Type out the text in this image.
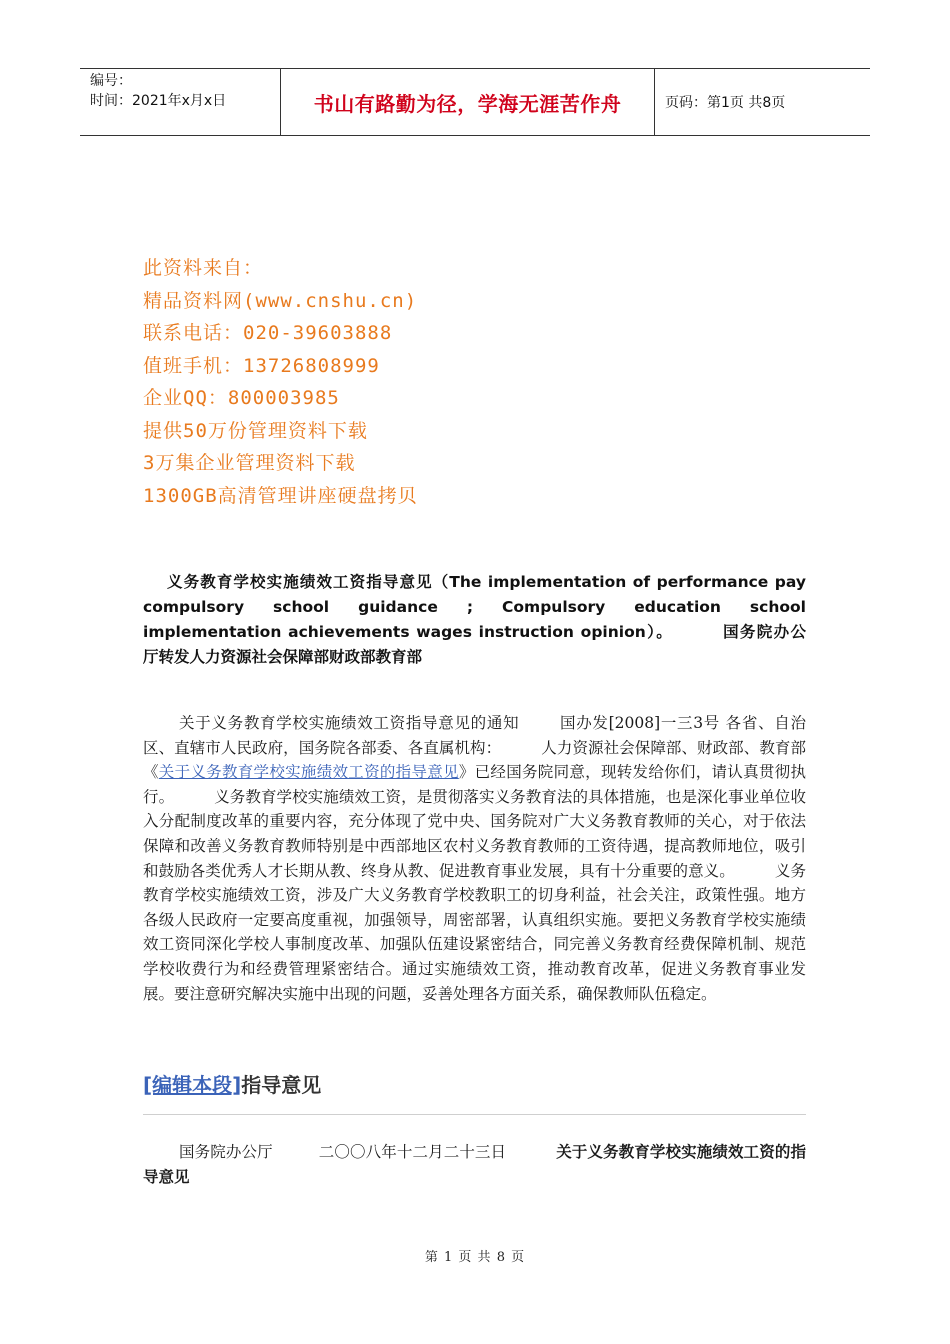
编号：
时间：2021年x月x日	书山有路勤为径，学海无涯苦作舟	页码：第1页 共8页
此资料来自：
精品资料网(www.cnshu.cn)
联系电话：020-39603888
值班手机：13726808999
企业QQ：800003985
提供50万份管理资料下载
3万集企业管理资料下载
1300GB高清管理讲座硬盘拷贝
义务教育学校实施绩效工资指导意见（The implementation of performance pay compulsory school guidance ; Compulsory education school implementation achievements wages instruction opinion）。	国务院办公厅转发人力资源社会保障部财政部教育部
关于义务教育学校实施绩效工资指导意见的通知	国办发[2008]一三3号 各省、自治区、直辖市人民政府，国务院各部委、各直属机构：	人力资源社会保障部、财政部、教育部《关于义务教育学校实施绩效工资的指导意见》已经国务院同意，现转发给你们，请认真贯彻执行。	义务教育学校实施绩效工资，是贯彻落实义务教育法的具体措施，也是深化事业单位收入分配制度改革的重要内容，充分体现了党中央、国务院对广大义务教育教师的关心，对于依法保障和改善义务教育教师特别是中西部地区农村义务教育教师的工资待遇，提高教师地位，吸引和鼓励各类优秀人才长期从教、终身从教、促进教育事业发展，具有十分重要的意义。	义务教育学校实施绩效工资，涉及广大义务教育学校教职工的切身利益，社会关注，政策性强。地方各级人民政府一定要高度重视，加强领导，周密部署，认真组织实施。要把义务教育学校实施绩效工资同深化学校人事制度改革、加强队伍建设紧密结合，同完善义务教育经费保障机制、规范学校收费行为和经费管理紧密结合。通过实施绩效工资，推动教育改革，促进义务教育事业发展。要注意研究解决实施中出现的问题，妥善处理各方面关系，确保教师队伍稳定。
[编辑本段]指导意见
国务院办公厅	二〇〇八年十二月二十三日	关于义务教育学校实施绩效工资的指导意见
第 1 页 共 8 页
